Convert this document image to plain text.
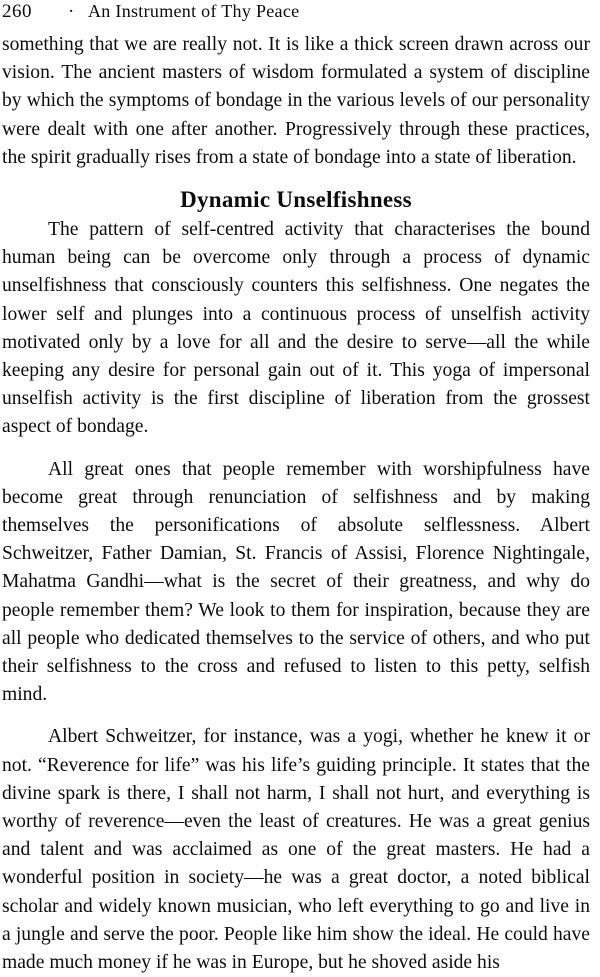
260	· An Instrument of Thy Peace

something that we are really not. It is like a thick screen drawn across our vision. The ancient masters of wisdom formulated a system of discipline by which the symptoms of bondage in the various levels of our personality were dealt with one after another. Progressively through these practices, the spirit gradually rises from a state of bondage into a state of liberation.

Dynamic Unselfishness

The pattern of self-centred activity that characterises the bound human being can be overcome only through a process of dynamic unselfishness that consciously counters this selfishness. One negates the lower self and plunges into a continuous process of unselfish activity motivated only by a love for all and the desire to serve—all the while keeping any desire for personal gain out of it. This yoga of impersonal unselfish activity is the first discipline of liberation from the grossest aspect of bondage.

All great ones that people remember with worshipfulness have become great through renunciation of selfishness and by making themselves the personifications of absolute selflessness. Albert Schweitzer, Father Damian, St. Francis of Assisi, Florence Nightingale, Mahatma Gandhi—what is the secret of their greatness, and why do people remember them? We look to them for inspiration, because they are all people who dedicated themselves to the service of others, and who put their selfishness to the cross and refused to listen to this petty, selfish mind.

Albert Schweitzer, for instance, was a yogi, whether he knew it or not. “Reverence for life” was his life’s guiding principle. It states that the divine spark is there, I shall not harm, I shall not hurt, and everything is worthy of reverence—even the least of creatures. He was a great genius and talent and was acclaimed as one of the great masters. He had a wonderful position in society—he was a great doctor, a noted biblical scholar and widely known musician, who left everything to go and live in a jungle and serve the poor. People like him show the ideal. He could have made much money if he was in Europe, but he shoved aside his
